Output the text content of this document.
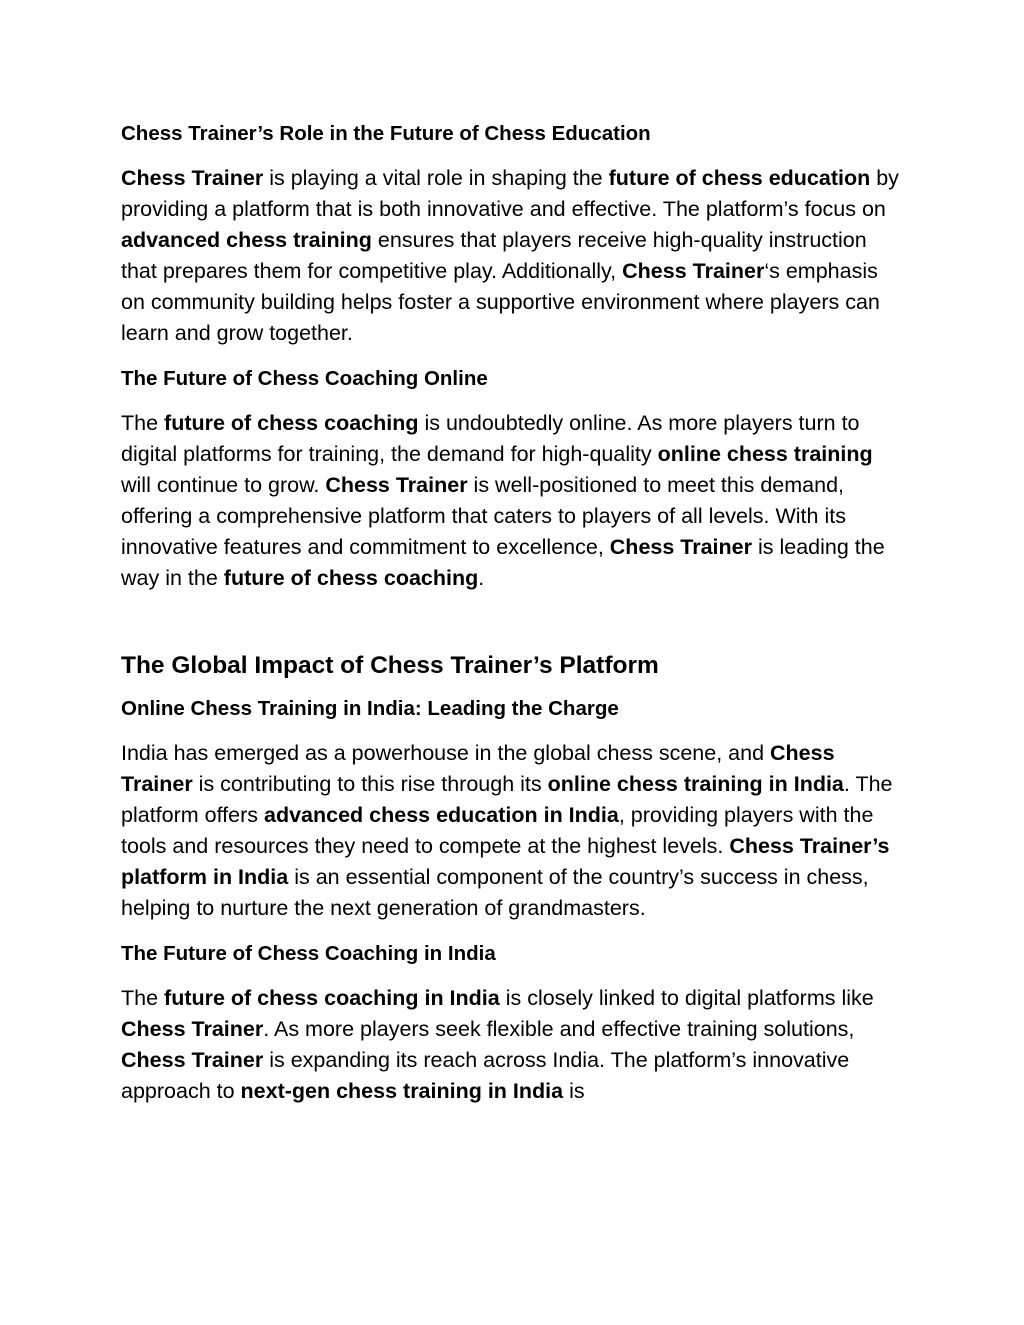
Chess Trainer’s Role in the Future of Chess Education

Chess Trainer is playing a vital role in shaping the future of chess education by providing a platform that is both innovative and effective. The platform’s focus on advanced chess training ensures that players receive high-quality instruction that prepares them for competitive play. Additionally, Chess Trainer‘s emphasis on community building helps foster a supportive environment where players can learn and grow together.

The Future of Chess Coaching Online

The future of chess coaching is undoubtedly online. As more players turn to digital platforms for training, the demand for high-quality online chess training will continue to grow. Chess Trainer is well-positioned to meet this demand, offering a comprehensive platform that caters to players of all levels. With its innovative features and commitment to excellence, Chess Trainer is leading the way in the future of chess coaching.

The Global Impact of Chess Trainer’s Platform
Online Chess Training in India: Leading the Charge

India has emerged as a powerhouse in the global chess scene, and Chess Trainer is contributing to this rise through its online chess training in India. The platform offers advanced chess education in India, providing players with the tools and resources they need to compete at the highest levels. Chess Trainer’s platform in India is an essential component of the country’s success in chess, helping to nurture the next generation of grandmasters.

The Future of Chess Coaching in India

The future of chess coaching in India is closely linked to digital platforms like Chess Trainer. As more players seek flexible and effective training solutions, Chess Trainer is expanding its reach across India. The platform’s innovative approach to next-gen chess training in India is
